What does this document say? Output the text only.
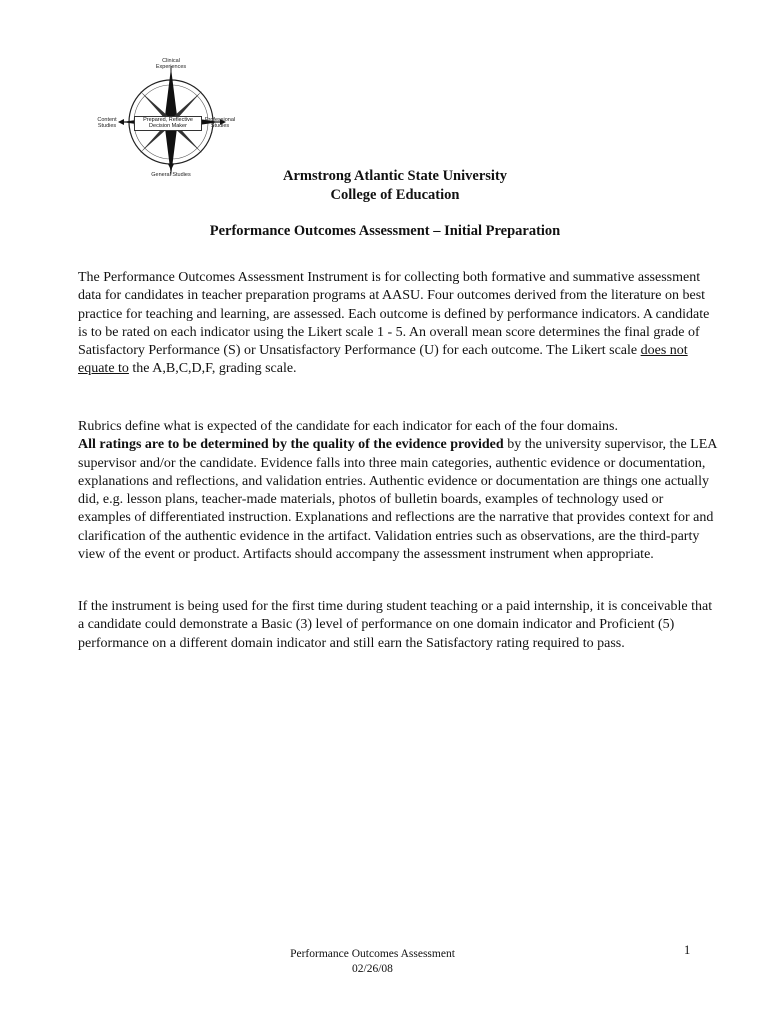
Clinical Experiences
Content Studies
Professional Studies
General Studies
Prepared, Reflective Decision Maker
Armstrong Atlantic State University
College of Education
Performance Outcomes Assessment – Initial Preparation
The Performance Outcomes Assessment Instrument is for collecting both formative and summative assessment data for candidates in teacher preparation programs at AASU. Four outcomes derived from the literature on best practice for teaching and learning, are assessed. Each outcome is defined by performance indicators. A candidate is to be rated on each indicator using the Likert scale 1 - 5. An overall mean score determines the final grade of Satisfactory Performance (S) or Unsatisfactory Performance (U) for each outcome. The Likert scale does not equate to the A,B,C,D,F, grading scale.
Rubrics define what is expected of the candidate for each indicator for each of the four domains.
All ratings are to be determined by the quality of the evidence provided by the university supervisor, the LEA supervisor and/or the candidate. Evidence falls into three main categories, authentic evidence or documentation, explanations and reflections, and validation entries. Authentic evidence or documentation are things one actually did, e.g. lesson plans, teacher-made materials, photos of bulletin boards, examples of technology used or examples of differentiated instruction. Explanations and reflections are the narrative that provides context for and clarification of the authentic evidence in the artifact. Validation entries such as observations, are the third-party view of the event or product. Artifacts should accompany the assessment instrument when appropriate.
If the instrument is being used for the first time during student teaching or a paid internship, it is conceivable that a candidate could demonstrate a Basic (3) level of performance on one domain indicator and Proficient (5) performance on a different domain indicator and still earn the Satisfactory rating required to pass.
Performance Outcomes Assessment
02/26/08
1
